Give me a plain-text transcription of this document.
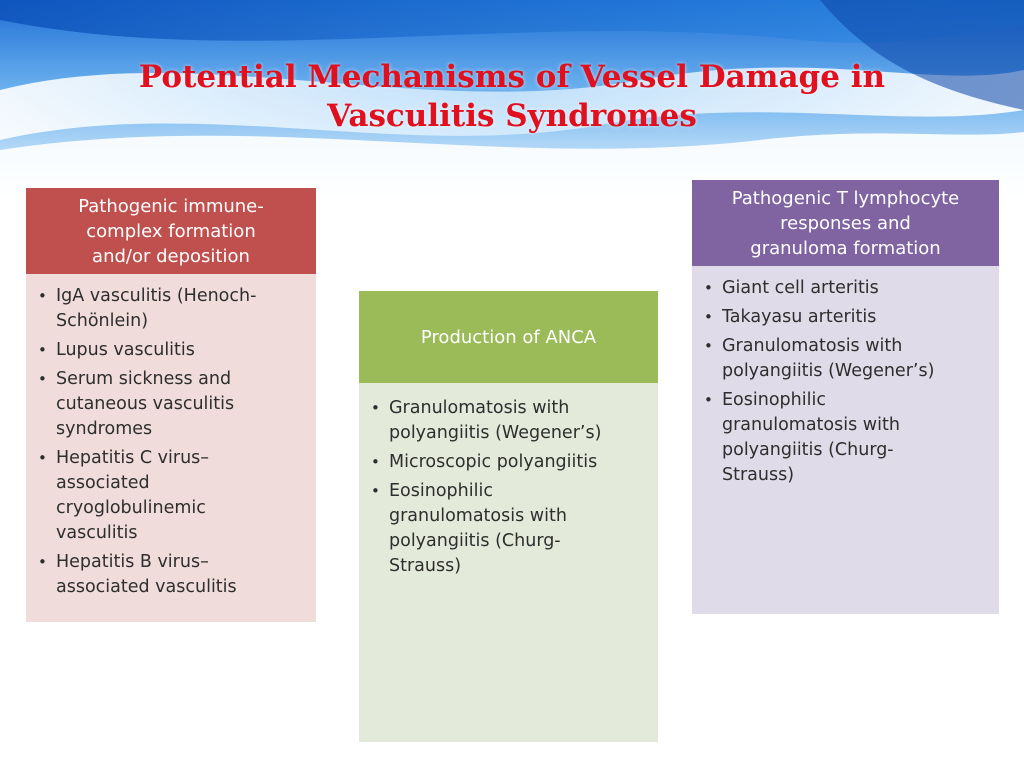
Potential Mechanisms of Vessel Damage in
Vasculitis Syndromes
Pathogenic immune-
complex formation
and/or deposition
• IgA vasculitis (Henoch-
Schönlein)
• Lupus vasculitis
• Serum sickness and
cutaneous vasculitis
syndromes
• Hepatitis C virus–
associated
cryoglobulinemic
vasculitis
• Hepatitis B virus–
associated vasculitis
Production of ANCA
• Granulomatosis with
polyangiitis (Wegener’s)
• Microscopic polyangiitis
• Eosinophilic
granulomatosis with
polyangiitis (Churg-
Strauss)
Pathogenic T lymphocyte
responses and
granuloma formation
• Giant cell arteritis
• Takayasu arteritis
• Granulomatosis with
polyangiitis (Wegener’s)
• Eosinophilic
granulomatosis with
polyangiitis (Churg-
Strauss)
